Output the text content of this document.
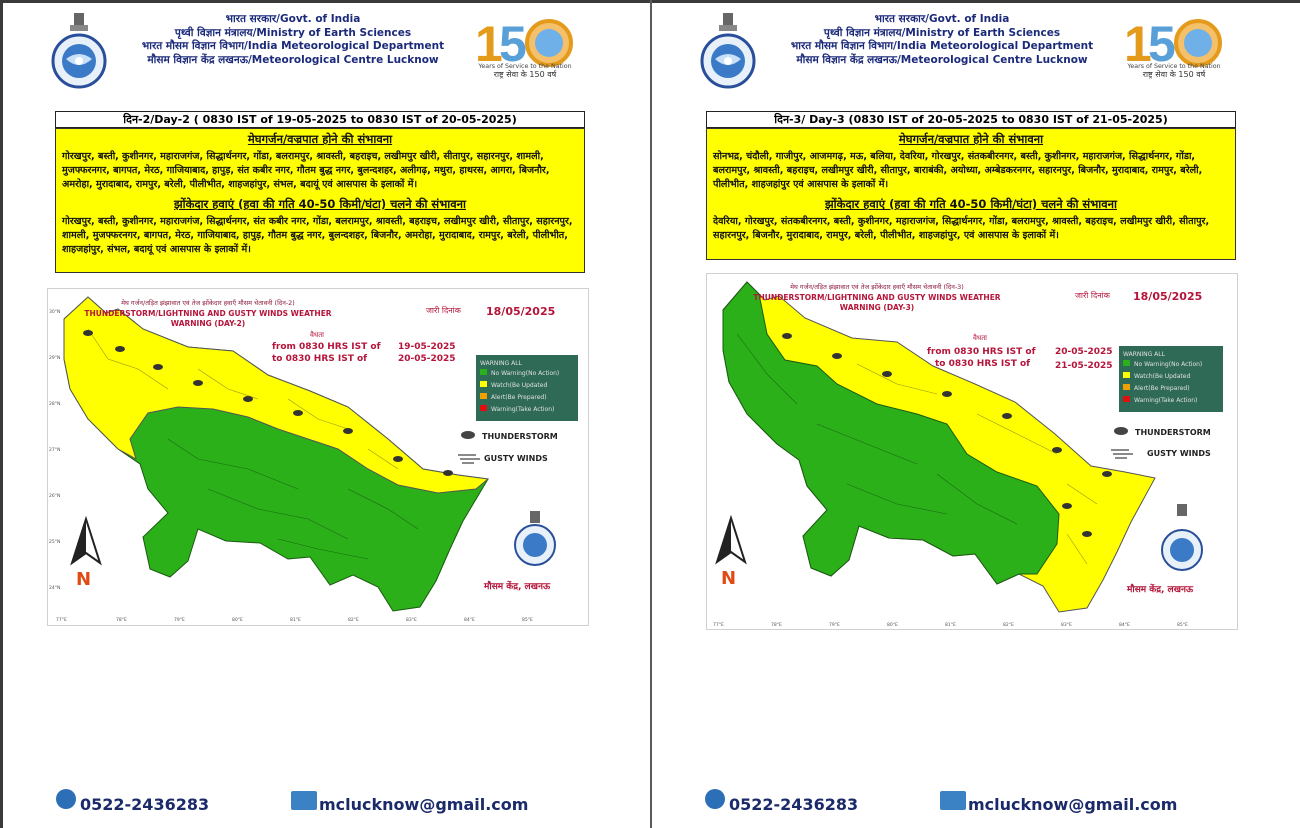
भारत सरकार/Govt. of India
पृथ्वी विज्ञान मंत्रालय/Ministry of Earth Sciences
भारत मौसम विज्ञान विभाग/India Meteorological Department
मौसम विज्ञान केंद्र लखनऊ/Meteorological Centre Lucknow 1
5
Years of Service to the Nation
राष्ट्र सेवा के 150 वर्ष
दिन-2/Day-2 ( 0830 IST of 19-05-2025 to 0830 IST of 20-05-2025)
मेघगर्जन/वज्रपात होने की संभावना
गोरखपुर, बस्ती, कुशीनगर, महाराजगंज, सिद्धार्थनगर, गोंडा, बलरामपुर, श्रावस्ती, बहराइच, लखीमपुर खीरी, सीतापुर, सहारनपुर, शामली, मुजफ्फरनगर, बागपत, मेरठ, गाजियाबाद, हापुड़, संत कबीर नगर, गौतम बुद्ध नगर, बुलन्दशहर, अलीगढ़, मथुरा, हाथरस, आगरा, बिजनौर, अमरोहा, मुरादाबाद, रामपुर, बरेली, पीलीभीत, शाहजहांपुर, संभल, बदायूं एवं आसपास के इलाकों में।
झोंकेदार हवाएं (हवा की गति 40-50 किमी/घंटा) चलने की संभावना
गोरखपुर, बस्ती, कुशीनगर, महाराजगंज, सिद्धार्थनगर, संत कबीर नगर, गोंडा, बलरामपुर, श्रावस्ती, बहराइच, लखीमपुर खीरी, सीतापुर, सहारनपुर, शामली, मुजफ्फरनगर, बागपत, मेरठ, गाजियाबाद, हापुड़, गौतम बुद्ध नगर, बुलन्दशहर, बिजनौर, अमरोहा, मुरादाबाद, रामपुर, बरेली, पीलीभीत, शाहजहांपुर, संभल, बदायूं एवं आसपास के इलाकों में।
मेघ गर्जन/तड़ित झंझावात एवं तेज झोंकेदार हवाएँ मौसम चेतावनी (दिन-2)
THUNDERSTORM/LIGHTNING AND GUSTY WINDS WEATHER
WARNING (DAY-2)
जारी दिनांक 18/05/2025
वैधता
from 0830 HRS IST of 19-05-2025
to 0830 HRS IST of	20-05-2025	WARNING ALL
No Warning(No Action)
Watch(Be Updated
Alert(Be Prepared)
Warning(Take Action)
THUNDERSTORM
GUSTY WINDS
N	मौसम केंद्र, लखनऊ
77°E	78°E	79°E	80°E	81°E	82°E	83°E	84°E	85°E
30°N
29°N
28°N
27°N
26°N
25°N
24°N
0522-2436283	mclucknow@gmail.com
भारत सरकार/Govt. of India
पृथ्वी विज्ञान मंत्रालय/Ministry of Earth Sciences
भारत मौसम विज्ञान विभाग/India Meteorological Department
मौसम विज्ञान केंद्र लखनऊ/Meteorological Centre Lucknow 1
5
Years of Service to the Nation
राष्ट्र सेवा के 150 वर्ष
दिन-3/ Day-3 (0830 IST of 20-05-2025 to 0830 IST of 21-05-2025)
मेघगर्जन/वज्रपात होने की संभावना
सोनभद्र, चंदौली, गाजीपुर, आजमगढ़, मऊ, बलिया, देवरिया, गोरखपुर, संतकबीरनगर, बस्ती, कुशीनगर, महाराजगंज, सिद्धार्थनगर, गोंडा, बलरामपुर, श्रावस्ती, बहराइच, लखीमपुर खीरी, सीतापुर, बाराबंकी, अयोध्या, अम्बेडकरनगर, सहारनपुर, बिजनौर, मुरादाबाद, रामपुर, बरेली, पीलीभीत, शाहजहांपुर एवं आसपास के इलाकों में।
झोंकेदार हवाएं (हवा की गति 40-50 किमी/घंटा) चलने की संभावना
देवरिया, गोरखपुर, संतकबीरनगर, बस्ती, कुशीनगर, महाराजगंज, सिद्धार्थनगर, गोंडा, बलरामपुर, श्रावस्ती, बहराइच, लखीमपुर खीरी, सीतापुर, सहारनपुर, बिजनौर, मुरादाबाद, रामपुर, बरेली, पीलीभीत, शाहजहांपुर, एवं आसपास के इलाकों में।
मेघ गर्जन/तड़ित झंझावात एवं तेज झोंकेदार हवाएँ मौसम चेतावनी (दिन-3)
THUNDERSTORM/LIGHTNING AND GUSTY WINDS WEATHER
WARNING (DAY-3)
जारी दिनांक 18/05/2025
वैधता
from 0830 HRS IST of 20-05-2025
to 0830 HRS IST of	21-05-2025
WARNING ALL
No Warning(No Action)
Watch(Be Updated
Alert(Be Prepared)
Warning(Take Action)
THUNDERSTORM
GUSTY WINDS
N
मौसम केंद्र, लखनऊ
77°E	78°E	79°E	80°E	81°E	82°E	83°E	84°E	85°E
0522-2436283	mclucknow@gmail.com
